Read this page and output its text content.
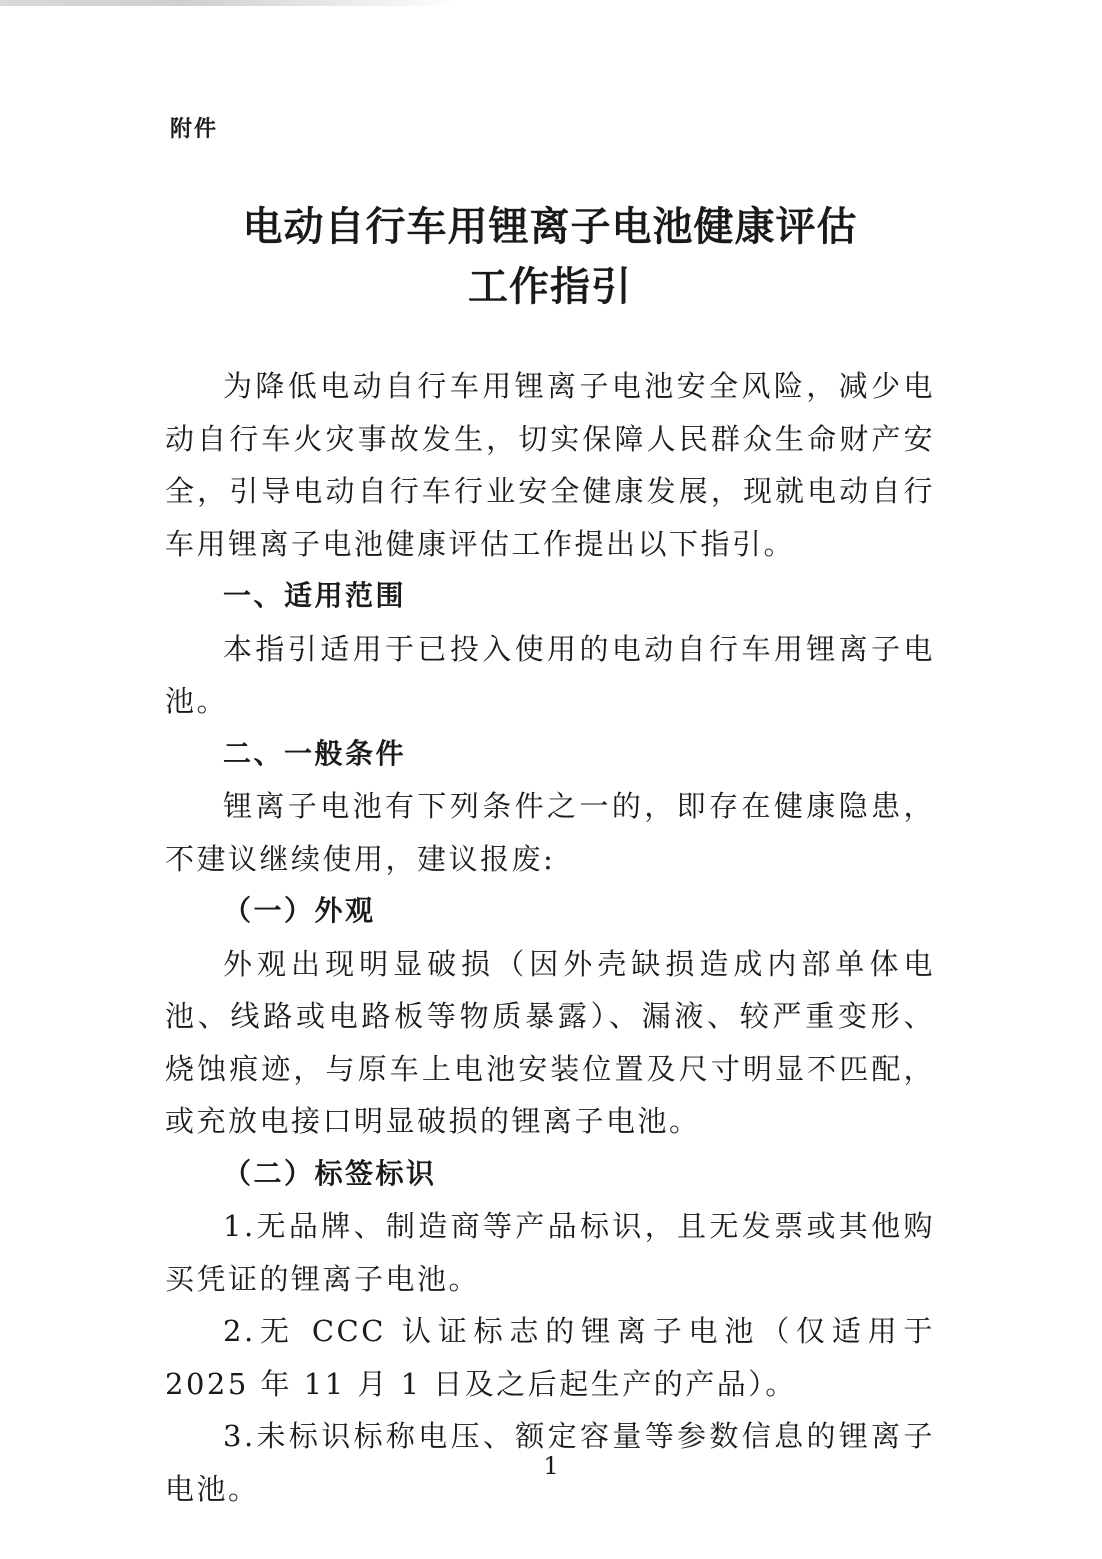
附件
电动自行车用锂离子电池健康评估
工作指引

为降低电动自行车用锂离子电池安全风险，减少电动自行车火灾事故发生，切实保障人民群众生命财产安全，引导电动自行车行业安全健康发展，现就电动自行车用锂离子电池健康评估工作提出以下指引。

一、适用范围

本指引适用于已投入使用的电动自行车用锂离子电池。

二、一般条件

锂离子电池有下列条件之一的，即存在健康隐患，不建议继续使用，建议报废:

（一）外观

外观出现明显破损（因外壳缺损造成内部单体电池、线路或电路板等物质暴露）、漏液、较严重变形、烧蚀痕迹，与原车上电池安装位置及尺寸明显不匹配，或充放电接口明显破损的锂离子电池。

（二）标签标识

1.无品牌、制造商等产品标识，且无发票或其他购买凭证的锂离子电池。

2.无 CCC 认证标志的锂离子电池（仅适用于 2025 年 11 月 1 日及之后起生产的产品）。

3.未标识标称电压、额定容量等参数信息的锂离子电池。

1
